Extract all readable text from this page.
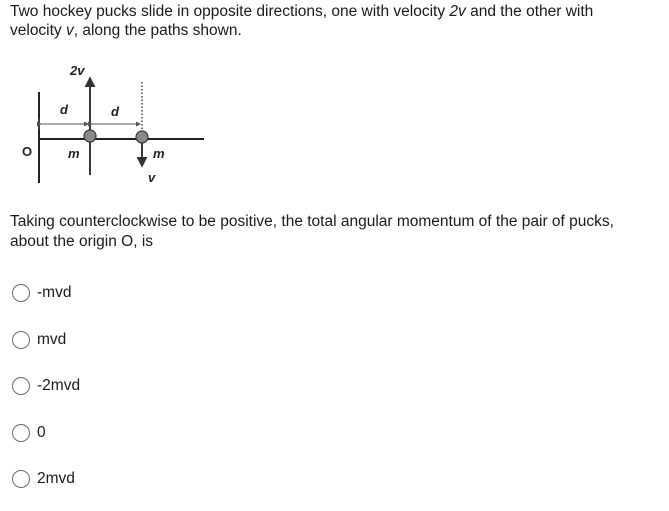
Two hockey pucks slide in opposite directions, one with velocity 2v and the other with velocity v, along the paths shown.
O
2v
v
d	d
m	m
Taking counterclockwise to be positive, the total angular momentum of the pair of pucks, about the origin O, is
-mvd
mvd
-2mvd
0
2mvd
